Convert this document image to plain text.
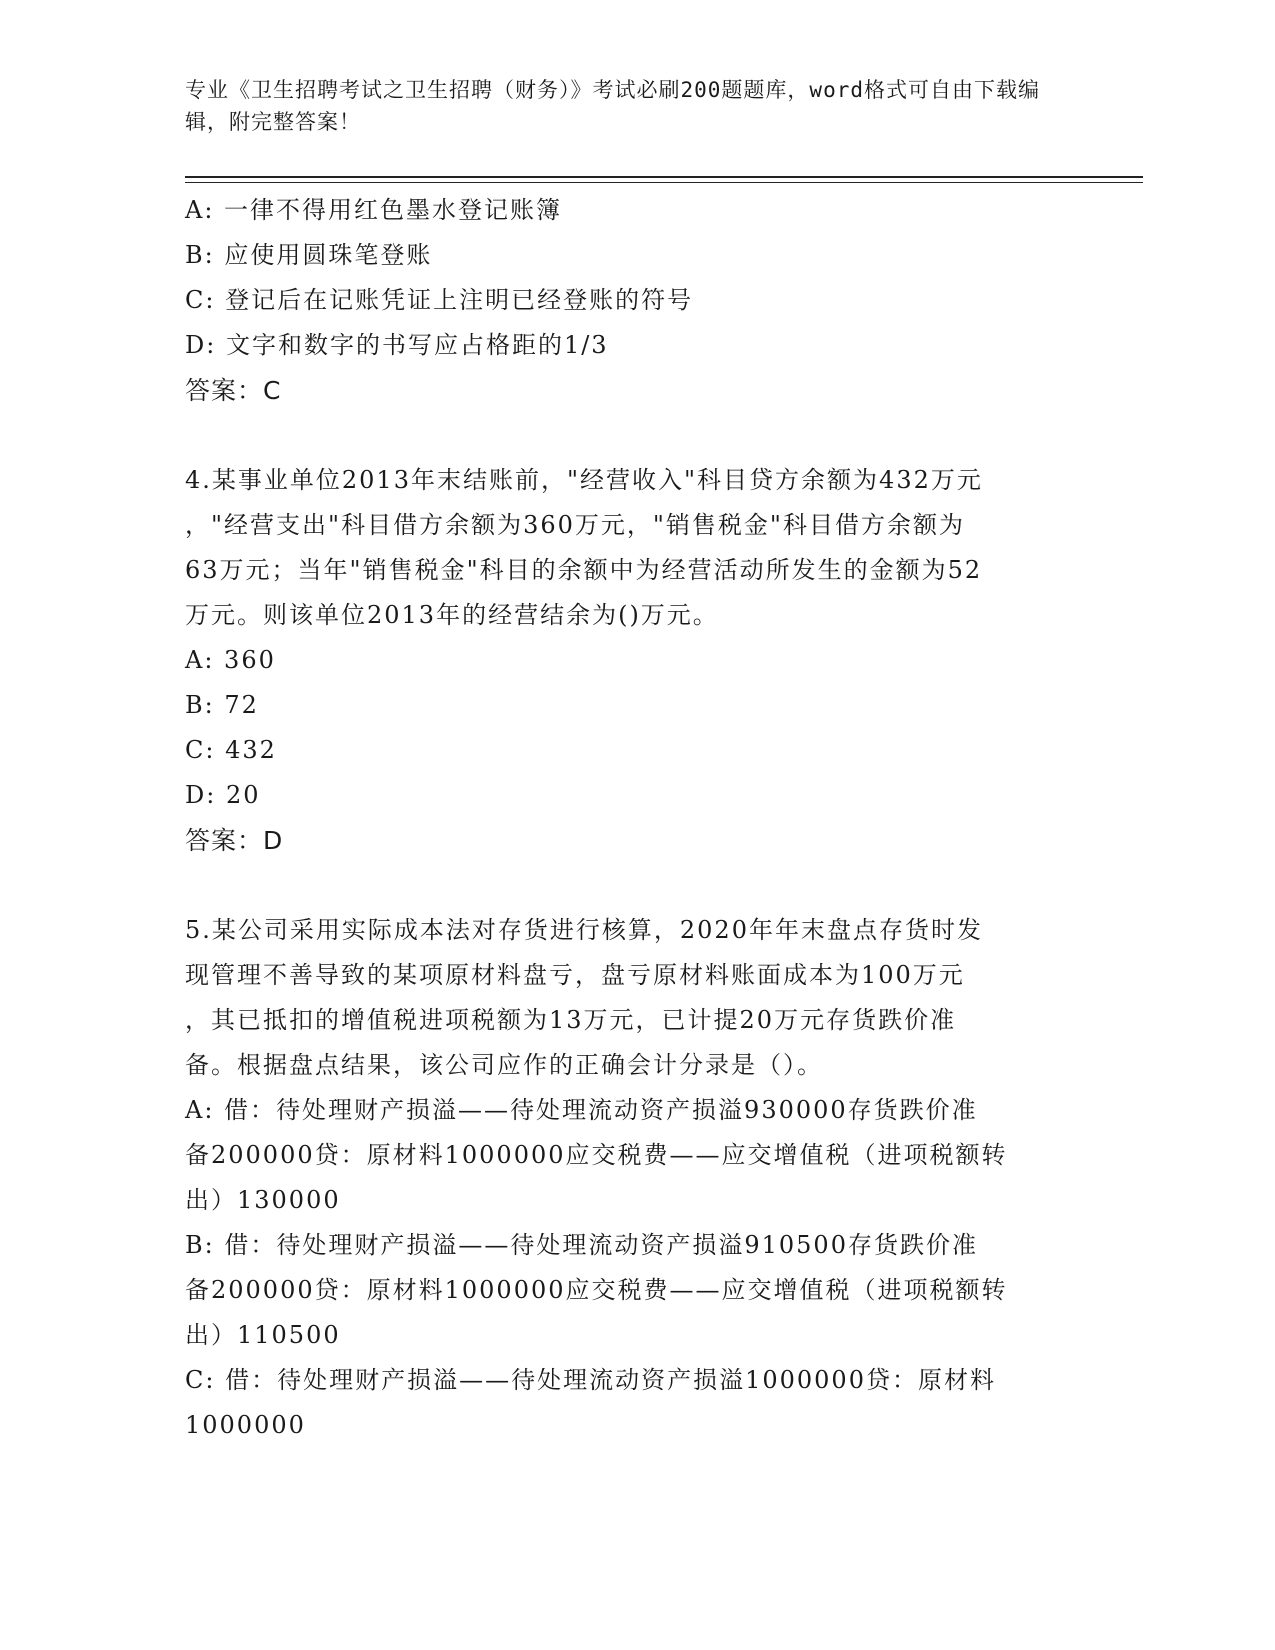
专业《卫生招聘考试之卫生招聘（财务）》考试必刷200题题库，word格式可自由下载编辑，附完整答案！
A: 一律不得用红色墨水登记账簿
B: 应使用圆珠笔登账
C: 登记后在记账凭证上注明已经登账的符号
D: 文字和数字的书写应占格距的1/3
答案：C
4.某事业单位2013年末结账前，"经营收入"科目贷方余额为432万元
，"经营支出"科目借方余额为360万元，"销售税金"科目借方余额为
63万元；当年"销售税金"科目的余额中为经营活动所发生的金额为52
万元。则该单位2013年的经营结余为()万元。
A: 360
B: 72
C: 432
D: 20
答案：D
5.某公司采用实际成本法对存货进行核算，2020年年末盘点存货时发
现管理不善导致的某项原材料盘亏，盘亏原材料账面成本为100万元
，其已抵扣的增值税进项税额为13万元，已计提20万元存货跌价准
备。根据盘点结果，该公司应作的正确会计分录是（）。
A: 借：待处理财产损溢——待处理流动资产损溢930000存货跌价准
备200000贷：原材料1000000应交税费——应交增值税（进项税额转
出）130000
B: 借：待处理财产损溢——待处理流动资产损溢910500存货跌价准
备200000贷：原材料1000000应交税费——应交增值税（进项税额转
出）110500
C: 借：待处理财产损溢——待处理流动资产损溢1000000贷：原材料
1000000
